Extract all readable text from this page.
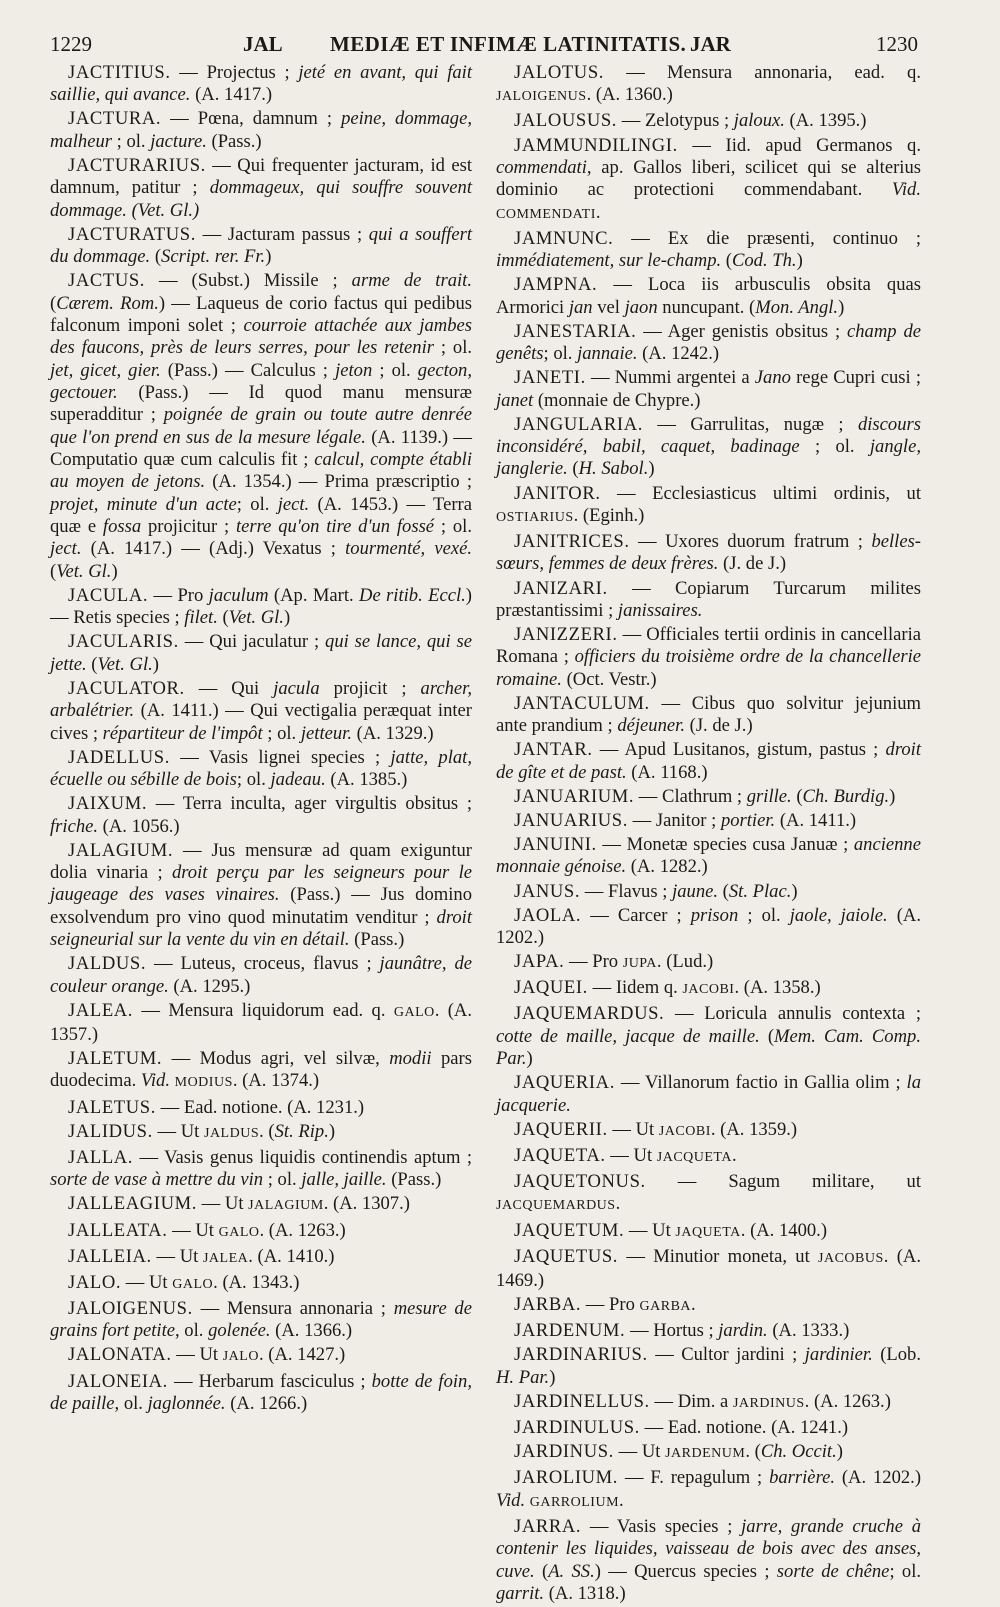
1229	JAL MEDIÆ ET INFIMÆ LATINITATIS. JAR	1230

JACTITIUS. — Projectus ; jeté en avant, qui fait saillie, qui avance. (A. 1417.)

JACTURA. — Pœna, damnum ; peine, dommage, malheur ; ol. jacture. (Pass.)

JACTURARIUS. — Qui frequenter jacturam, id est damnum, patitur ; dommageux, qui souffre souvent dommage. (Vet. Gl.)

JACTURATUS. — Jacturam passus ; qui a souffert du dommage. (Script. rer. Fr.)

JACTUS. — (Subst.) Missile ; arme de trait. (Cærem. Rom.) — Laqueus de corio factus qui pedibus falconum imponi solet ; courroie attachée aux jambes des faucons, près de leurs serres, pour les retenir ; ol. jet, gicet, gier. (Pass.) — Calculus ; jeton ; ol. gecton, gectouer. (Pass.) — Id quod manu mensuræ superadditur ; poignée de grain ou toute autre denrée que l'on prend en sus de la mesure légale. (A. 1139.) — Computatio quæ cum calculis fit ; calcul, compte établi au moyen de jetons. (A. 1354.) — Prima præscriptio ; projet, minute d'un acte; ol. ject. (A. 1453.) — Terra quæ e fossa projicitur ; terre qu'on tire d'un fossé ; ol. ject. (A. 1417.) — (Adj.) Vexatus ; tourmenté, vexé. (Vet. Gl.)

JACULA. — Pro jaculum (Ap. Mart. De ritib. Eccl.) — Retis species ; filet. (Vet. Gl.)

JACULARIS. — Qui jaculatur ; qui se lance, qui se jette. (Vet. Gl.)

JACULATOR. — Qui jacula projicit ; archer, arbalétrier. (A. 1411.) — Qui vectigalia peræquat inter cives ; répartiteur de l'impôt ; ol. jetteur. (A. 1329.)

JADELLUS. — Vasis lignei species ; jatte, plat, écuelle ou sébille de bois; ol. jadeau. (A. 1385.)

JAIXUM. — Terra inculta, ager virgultis obsitus ; friche. (A. 1056.)

JALAGIUM. — Jus mensuræ ad quam exiguntur dolia vinaria ; droit perçu par les seigneurs pour le jaugeage des vases vinaires. (Pass.) — Jus domino exsolvendum pro vino quod minutatim venditur ; droit seigneurial sur la vente du vin en détail. (Pass.)

JALDUS. — Luteus, croceus, flavus ; jaunâtre, de couleur orange. (A. 1295.)

JALEA. — Mensura liquidorum ead. q. GALO. (A. 1357.)

JALETUM. — Modus agri, vel silvæ, modii pars duodecima. Vid. MODIUS. (A. 1374.)

JALETUS. — Ead. notione. (A. 1231.)

JALIDUS. — Ut JALDUS. (St. Rip.)

JALLA. — Vasis genus liquidis continendis aptum ; sorte de vase à mettre du vin ; ol. jalle, jaille. (Pass.)

JALLEAGIUM. — Ut JALAGIUM. (A. 1307.)

JALLEATA. — Ut GALO. (A. 1263.)

JALLEIA. — Ut JALEA. (A. 1410.)

JALO. — Ut GALO. (A. 1343.)

JALOIGENUS. — Mensura annonaria ; mesure de grains fort petite, ol. golenée. (A. 1366.)

JALONATA. — Ut JALO. (A. 1427.)

JALONEIA. — Herbarum fasciculus ; botte de foin, de paille, ol. jaglonnée. (A. 1266.)

JALOTUS. — Mensura annonaria, ead. q. JALOIGENUS. (A. 1360.)

JALOUSUS. — Zelotypus ; jaloux. (A. 1395.)

JAMMUNDILINGI. — Iid. apud Germanos q. commendati, ap. Gallos liberi, scilicet qui se alterius dominio ac protectioni commendabant. Vid. COMMENDATI.

JAMNUNC. — Ex die præsenti, continuo ; immédiatement, sur le-champ. (Cod. Th.)

JAMPNA. — Loca iis arbusculis obsita quas Armorici jan vel jaon nuncupant. (Mon. Angl.)

JANESTARIA. — Ager genistis obsitus ; champ de genêts; ol. jannaie. (A. 1242.)

JANETI. — Nummi argentei a Jano rege Cupri cusi ; janet (monnaie de Chypre.)

JANGULARIA. — Garrulitas, nugæ ; discours inconsidéré, babil, caquet, badinage ; ol. jangle, janglerie. (H. Sabol.)

JANITOR. — Ecclesiasticus ultimi ordinis, ut OSTIARIUS. (Eginh.)

JANITRICES. — Uxores duorum fratrum ; belles-sœurs, femmes de deux frères. (J. de J.)

JANIZARI. — Copiarum Turcarum milites præstantissimi ; janissaires.

JANIZZERI. — Officiales tertii ordinis in cancellaria Romana ; officiers du troisième ordre de la chancellerie romaine. (Oct. Vestr.)

JANTACULUM. — Cibus quo solvitur jejunium ante prandium ; déjeuner. (J. de J.)

JANTAR. — Apud Lusitanos, gistum, pastus ; droit de gîte et de past. (A. 1168.)

JANUARIUM. — Clathrum ; grille. (Ch. Burdig.)

JANUARIUS. — Janitor ; portier. (A. 1411.)

JANUINI. — Monetæ species cusa Januæ ; ancienne monnaie génoise. (A. 1282.)

JANUS. — Flavus ; jaune. (St. Plac.)

JAOLA. — Carcer ; prison ; ol. jaole, jaiole. (A. 1202.)

JAPA. — Pro JUPA. (Lud.)

JAQUEI. — Iidem q. JACOBI. (A. 1358.)

JAQUEMARDUS. — Loricula annulis contexta ; cotte de maille, jacque de maille. (Mem. Cam. Comp. Par.)

JAQUERIA. — Villanorum factio in Gallia olim ; la jacquerie.

JAQUERII. — Ut JACOBI. (A. 1359.)

JAQUETA. — Ut JACQUETA.

JAQUETONUS. — Sagum militare, ut JACQUEMARDUS.

JAQUETUM. — Ut JAQUETA. (A. 1400.)

JAQUETUS. — Minutior moneta, ut JACOBUS. (A. 1469.)

JARBA. — Pro GARBA.

JARDENUM. — Hortus ; jardin. (A. 1333.)

JARDINARIUS. — Cultor jardini ; jardinier. (Lob. H. Par.)

JARDINELLUS. — Dim. a JARDINUS. (A. 1263.)

JARDINULUS. — Ead. notione. (A. 1241.)

JARDINUS. — Ut JARDENUM. (Ch. Occit.)

JAROLIUM. — F. repagulum ; barrière. (A. 1202.) Vid. GARROLIUM.

JARRA. — Vasis species ; jarre, grande cruche à contenir les liquides, vaisseau de bois avec des anses, cuve. (A. SS.) — Quercus species ; sorte de chêne; ol. garrit. (A. 1318.)
